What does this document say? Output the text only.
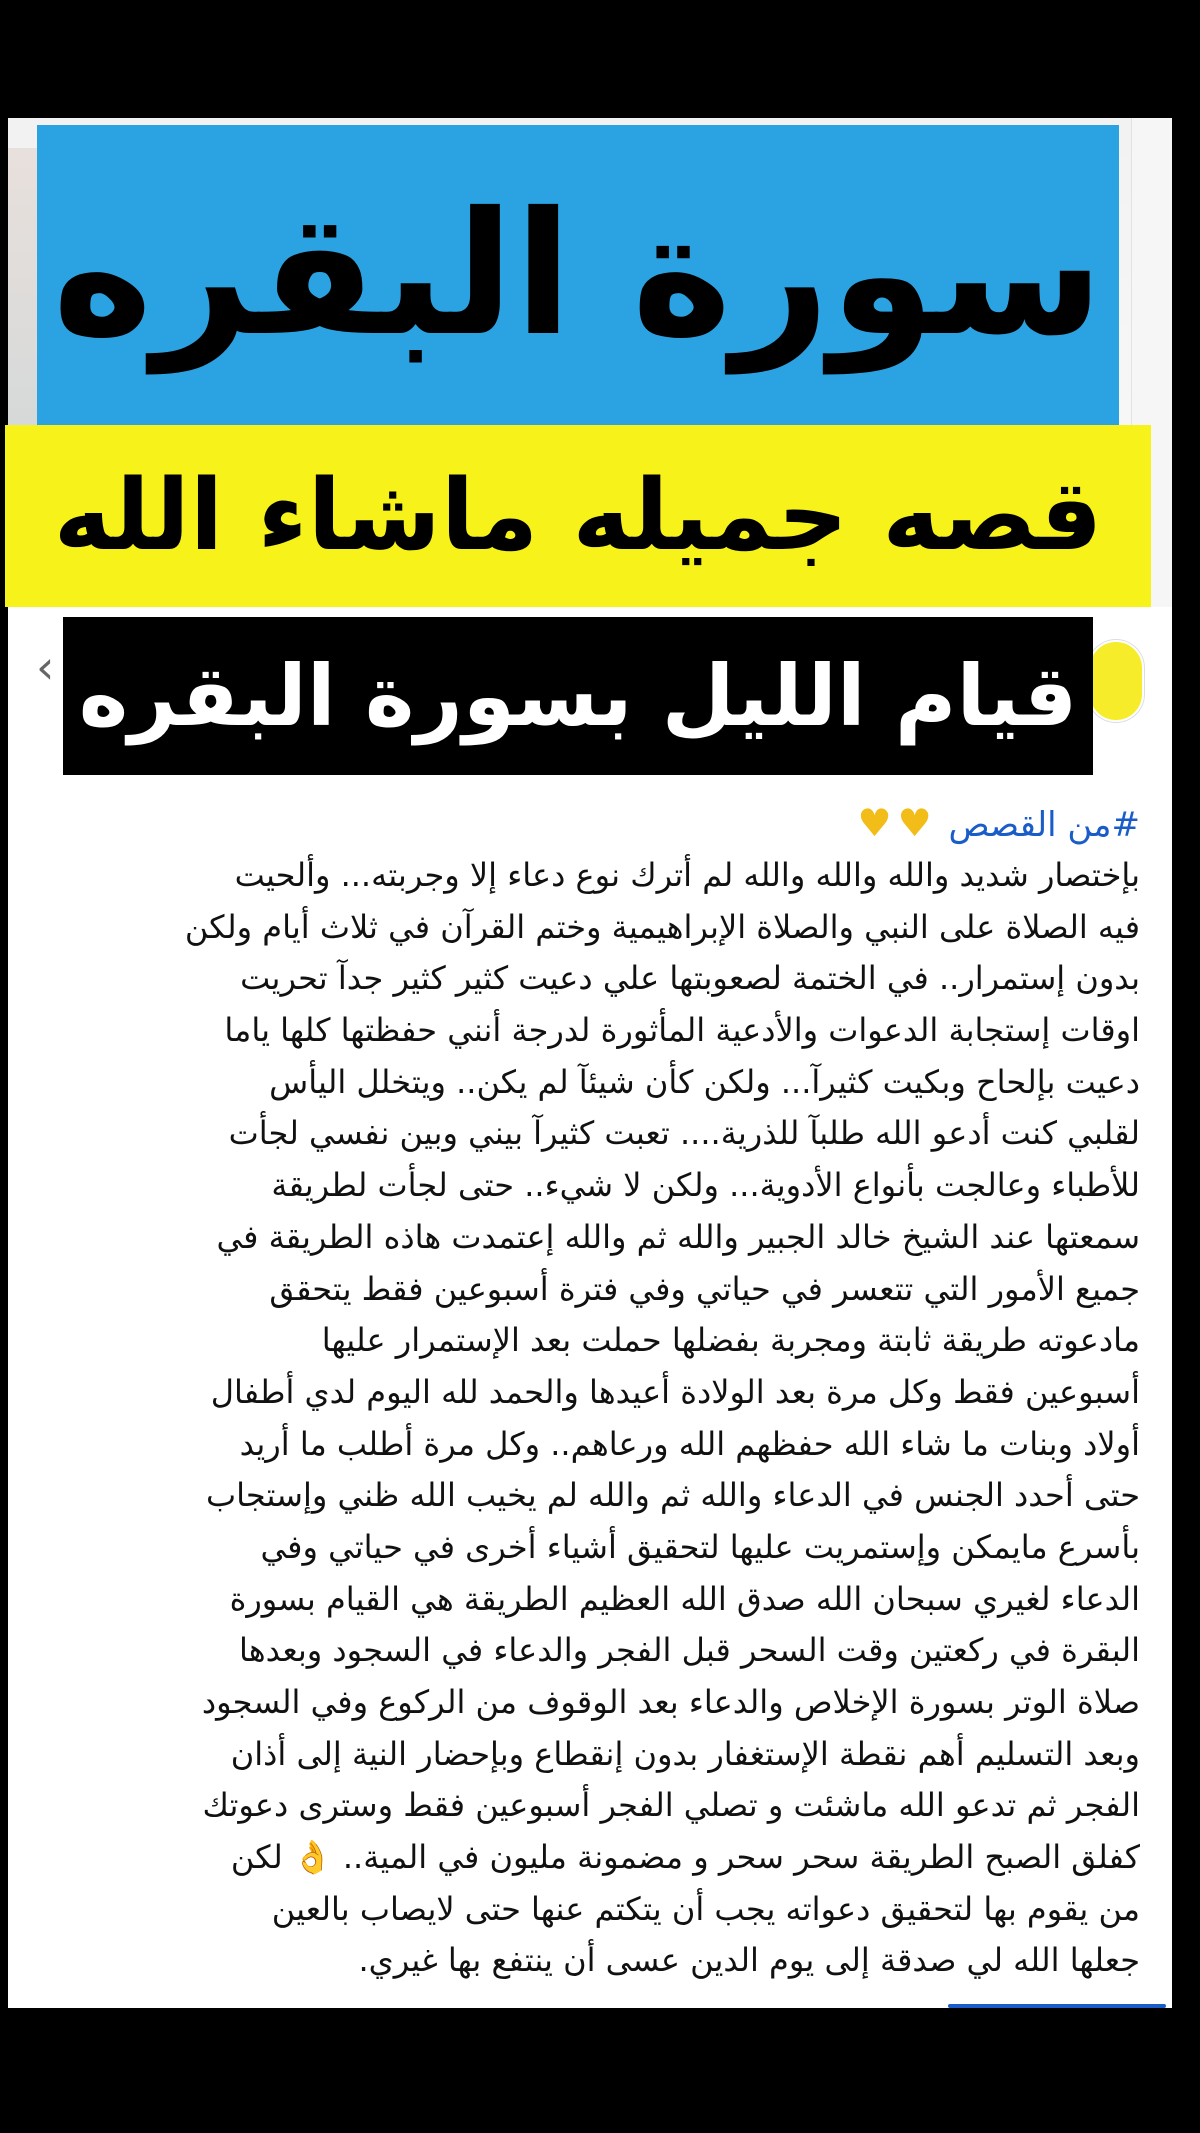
‹
سورة البقره
قصه جميله ماشاء الله
قيام الليل بسورة البقره
#من القصص ♥♥
بإختصار شديد والله والله والله لم أترك نوع دعاء إلا وجربته... وألحيت
فيه الصلاة على النبي والصلاة الإبراهيمية وختم القرآن في ثلاث أيام ولكن
بدون إستمرار.. في الختمة لصعوبتها علي دعيت كثير كثير جدآ تحريت
اوقات إستجابة الدعوات والأدعية المأثورة لدرجة أنني حفظتها كلها ياما
دعيت بإلحاح وبكيت كثيرآ... ولكن كأن شيئآ لم يكن.. ويتخلل اليأس
لقلبي كنت أدعو الله طلبآ للذرية.... تعبت كثيرآ بيني وبين نفسي لجأت
للأطباء وعالجت بأنواع الأدوية... ولكن لا شيء.. حتى لجأت لطريقة
سمعتها عند الشيخ خالد الجبير والله ثم والله إعتمدت هاذه الطريقة في
جميع الأمور التي تتعسر في حياتي وفي فترة أسبوعين فقط يتحقق
مادعوته طريقة ثابتة ومجربة بفضلها حملت بعد الإستمرار عليها
أسبوعين فقط وكل مرة بعد الولادة أعيدها والحمد لله اليوم لدي أطفال
أولاد وبنات ما شاء الله حفظهم الله ورعاهم.. وكل مرة أطلب ما أريد
حتى أحدد الجنس في الدعاء والله ثم والله لم يخيب الله ظني وإستجاب
بأسرع مايمكن وإستمريت عليها لتحقيق أشياء أخرى في حياتي وفي
الدعاء لغيري سبحان الله صدق الله العظيم الطريقة هي القيام بسورة
البقرة في ركعتين وقت السحر قبل الفجر والدعاء في السجود وبعدها
صلاة الوتر بسورة الإخلاص والدعاء بعد الوقوف من الركوع وفي السجود
وبعد التسليم أهم نقطة الإستغفار بدون إنقطاع وبإحضار النية إلى أذان
الفجر ثم تدعو الله ماشئت و تصلي الفجر أسبوعين فقط وسترى دعوتك
كفلق الصبح الطريقة سحر سحر و مضمونة مليون في المية.. 👌 لكن
من يقوم بها لتحقيق دعواته يجب أن يتكتم عنها حتى لايصاب بالعين
جعلها الله لي صدقة إلى يوم الدين عسى أن ينتفع بها غيري.
